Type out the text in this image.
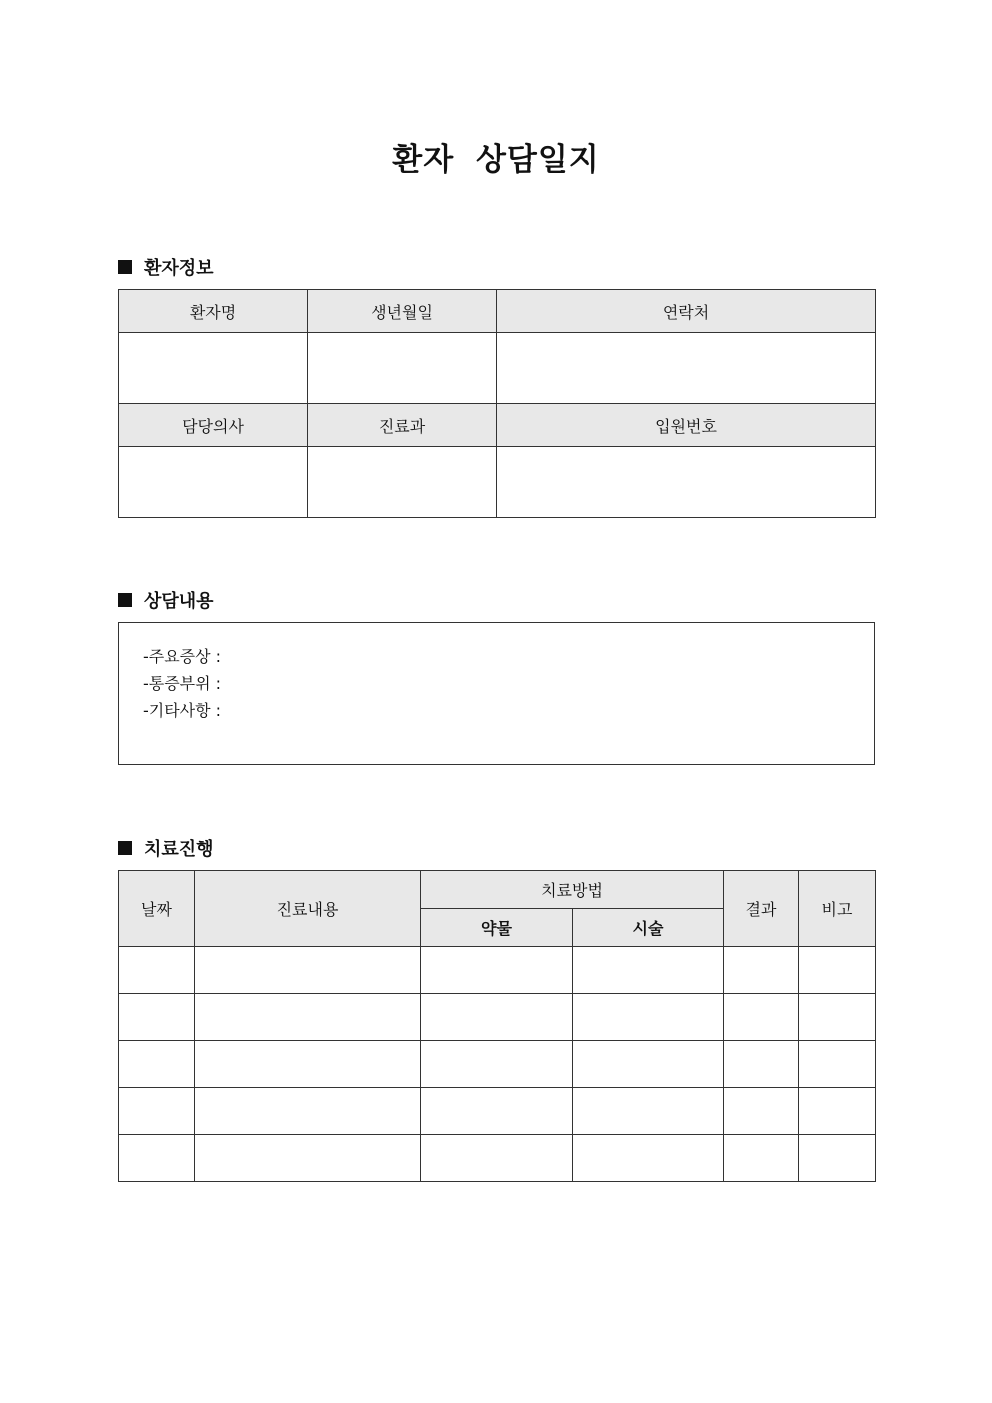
환자 상담일지
환자정보
환자명	생년월일	연락처

담당의사	진료과	입원번호

상담내용
-주요증상 :
-통증부위 :
-기타사항 :
치료진행
날짜	진료내용	치료방법		결과	비고
		약물	시술		
